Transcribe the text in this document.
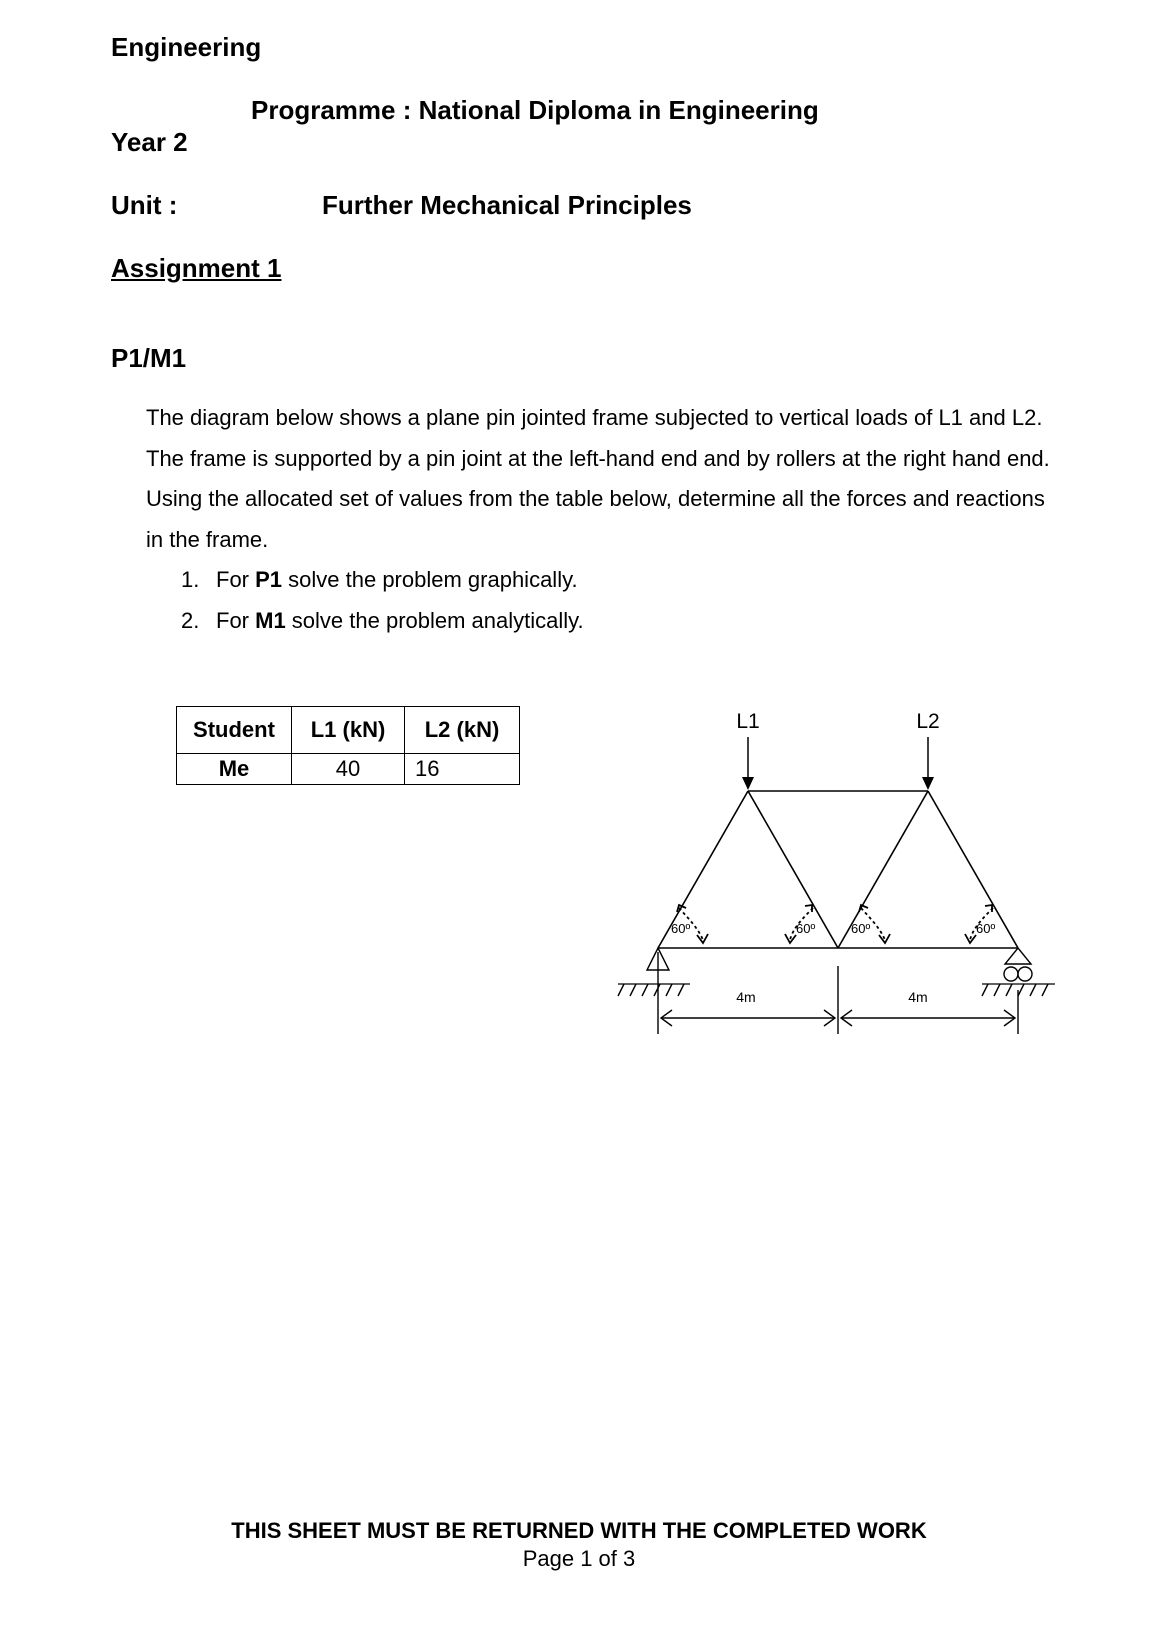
Engineering
Programme : National Diploma in Engineering
Year 2
Unit :	Further Mechanical Principles
Assignment 1
P1/M1

The diagram below shows a plane pin jointed frame subjected to vertical loads of L1 and L2. The frame is supported by a pin joint at the left-hand end and by rollers at the right hand end. Using the allocated set of values from the table below, determine all the forces and reactions in the frame.

1. For P1 solve the problem graphically.
2. For M1 solve the problem analytically.
Student	L1 (kN)	L2 (kN)
Me	40	16
L1	L2
60º	60º	60º	60º
4m	4m
THIS SHEET MUST BE RETURNED WITH THE COMPLETED WORK
Page 1 of 3
